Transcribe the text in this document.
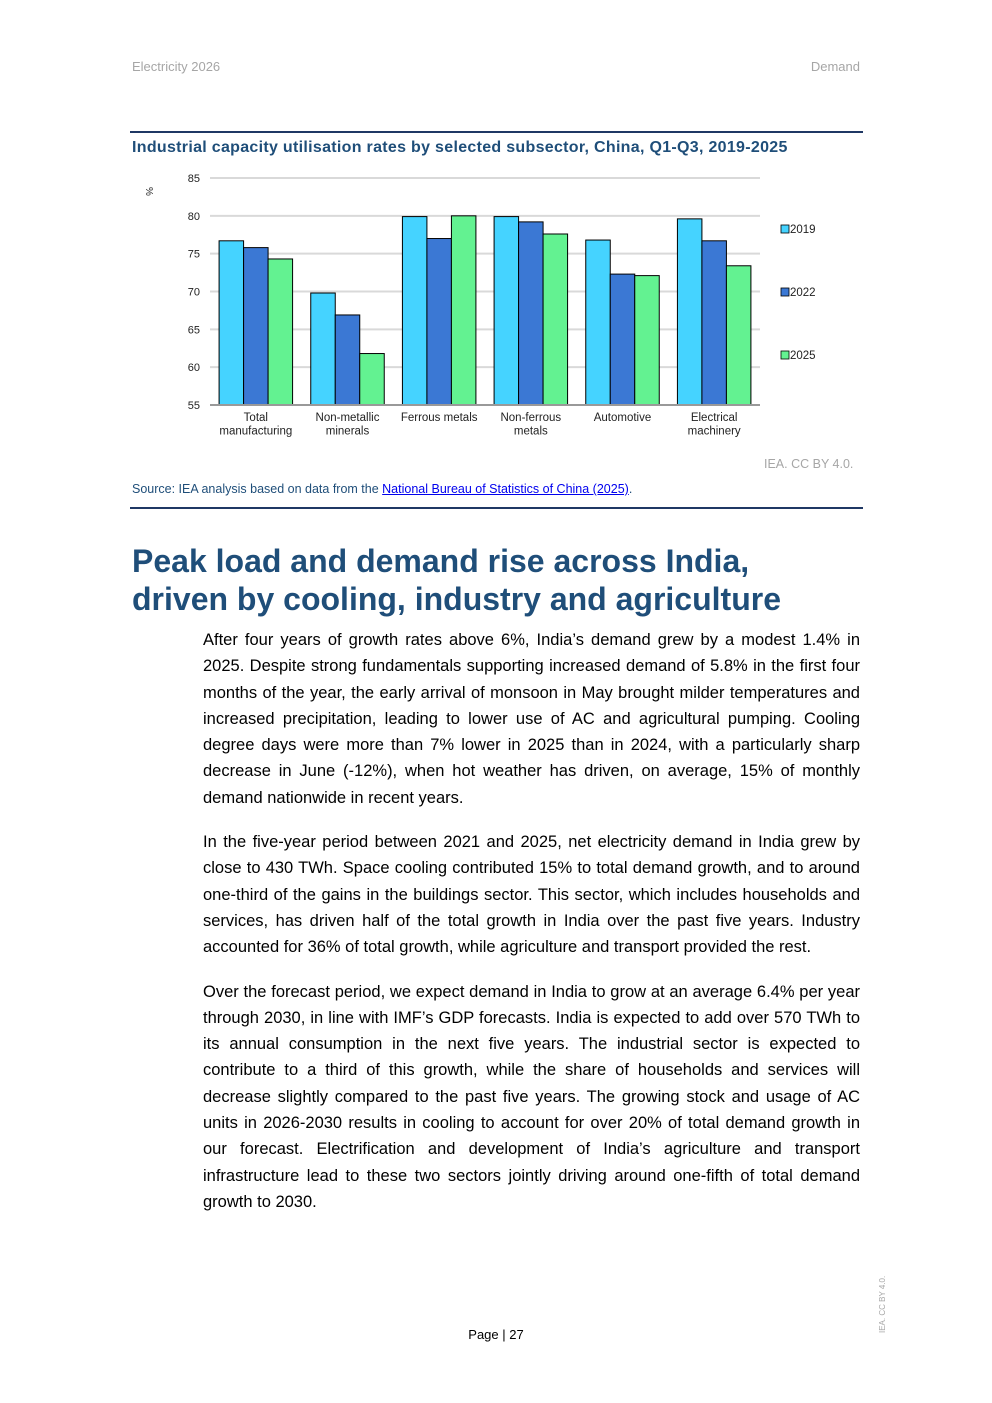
Electricity 2026	Demand
Industrial capacity utilisation rates by selected subsector, China, Q1-Q3, 2019-2025
55
60
65
70
75
80
85
%
Total
manufacturing
Non-metallic
minerals
Ferrous metals Non-ferrous
metals
Automotive	Electrical
machinery
2019
2022
2025
IEA. CC BY 4.0.
Source: IEA analysis based on data from the National Bureau of Statistics of China (2025).
Peak load and demand rise across India, driven by cooling, industry and agriculture

After four years of growth rates above 6%, India’s demand grew by a modest 1.4% in 2025. Despite strong fundamentals supporting increased demand of 5.8% in the first four months of the year, the early arrival of monsoon in May brought milder temperatures and increased precipitation, leading to lower use of AC and agricultural pumping. Cooling degree days were more than 7% lower in 2025 than in 2024, with a particularly sharp decrease in June (-12%), when hot weather has driven, on average, 15% of monthly demand nationwide in recent years.

In the five-year period between 2021 and 2025, net electricity demand in India grew by close to 430 TWh. Space cooling contributed 15% to total demand growth, and to around one-third of the gains in the buildings sector. This sector, which includes households and services, has driven half of the total growth in India over the past five years. Industry accounted for 36% of total growth, while agriculture and transport provided the rest.

Over the forecast period, we expect demand in India to grow at an average 6.4% per year through 2030, in line with IMF’s GDP forecasts. India is expected to add over 570 TWh to its annual consumption in the next five years. The industrial sector is expected to contribute to a third of this growth, while the share of households and services will decrease slightly compared to the past five years. The growing stock and usage of AC units in 2026-2030 results in cooling to account for over 20% of total demand growth in our forecast. Electrification and development of India’s agriculture and transport infrastructure lead to these two sectors jointly driving around one-fifth of total demand growth to 2030.

Page | 27
IEA. CC BY 4.0.
